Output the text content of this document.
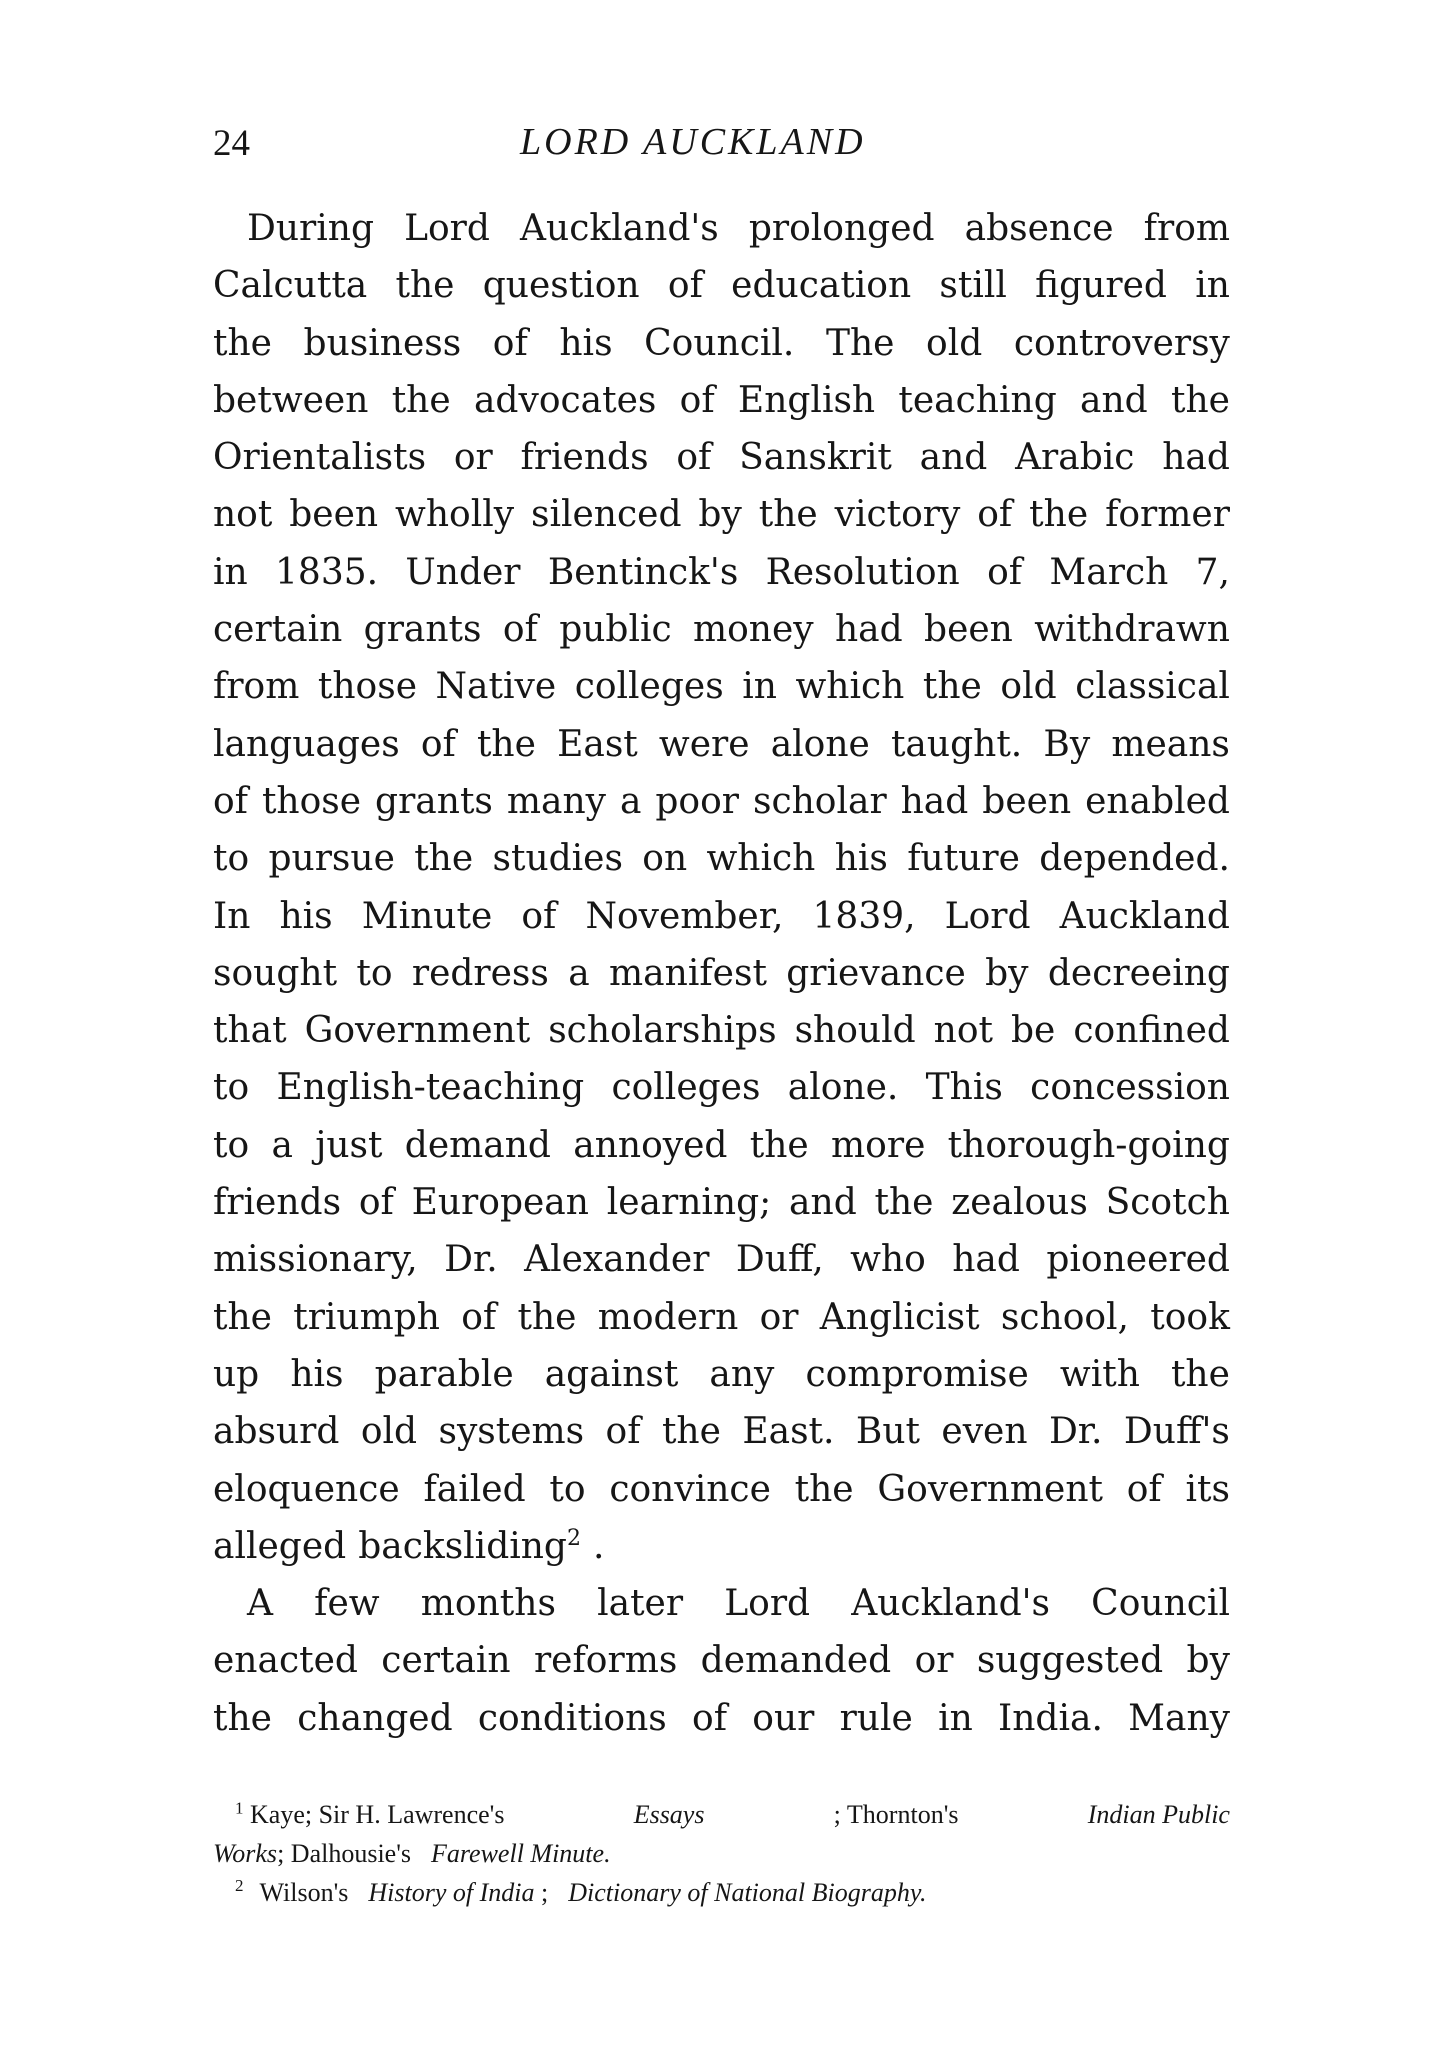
24	LORD AUCKLAND
During Lord Auckland's prolonged absence from
Calcutta the question of education still figured in
the business of his Council. The old controversy
between the advocates of English teaching and the
Orientalists or friends of Sanskrit and Arabic had
not been wholly silenced by the victory of the former
in 1835. Under Bentinck's Resolution of March 7,
certain grants of public money had been withdrawn
from those Native colleges in which the old classical
languages of the East were alone taught. By means
of those grants many a poor scholar had been enabled
to pursue the studies on which his future depended.
In his Minute of November, 1839, Lord Auckland
sought to redress a manifest grievance by decreeing
that Government scholarships should not be confined
to English-teaching colleges alone. This concession
to a just demand annoyed the more thorough-going
friends of European learning; and the zealous Scotch
missionary, Dr. Alexander Duff, who had pioneered
the triumph of the modern or Anglicist school, took
up his parable against any compromise with the
absurd old systems of the East. But even Dr. Duff's
eloquence failed to convince the Government of its
alleged backsliding$^2$ .
A few months later Lord Auckland's Council
enacted certain reforms demanded or suggested by
the changed conditions of our rule in India. Many
$^1$ Kaye; Sir H. Lawrence's	Essays	; Thornton's	Indian Public
Works; Dalhousie's Farewell Minute.
$^2$ Wilson's History of India ; Dictionary of National Biography.
